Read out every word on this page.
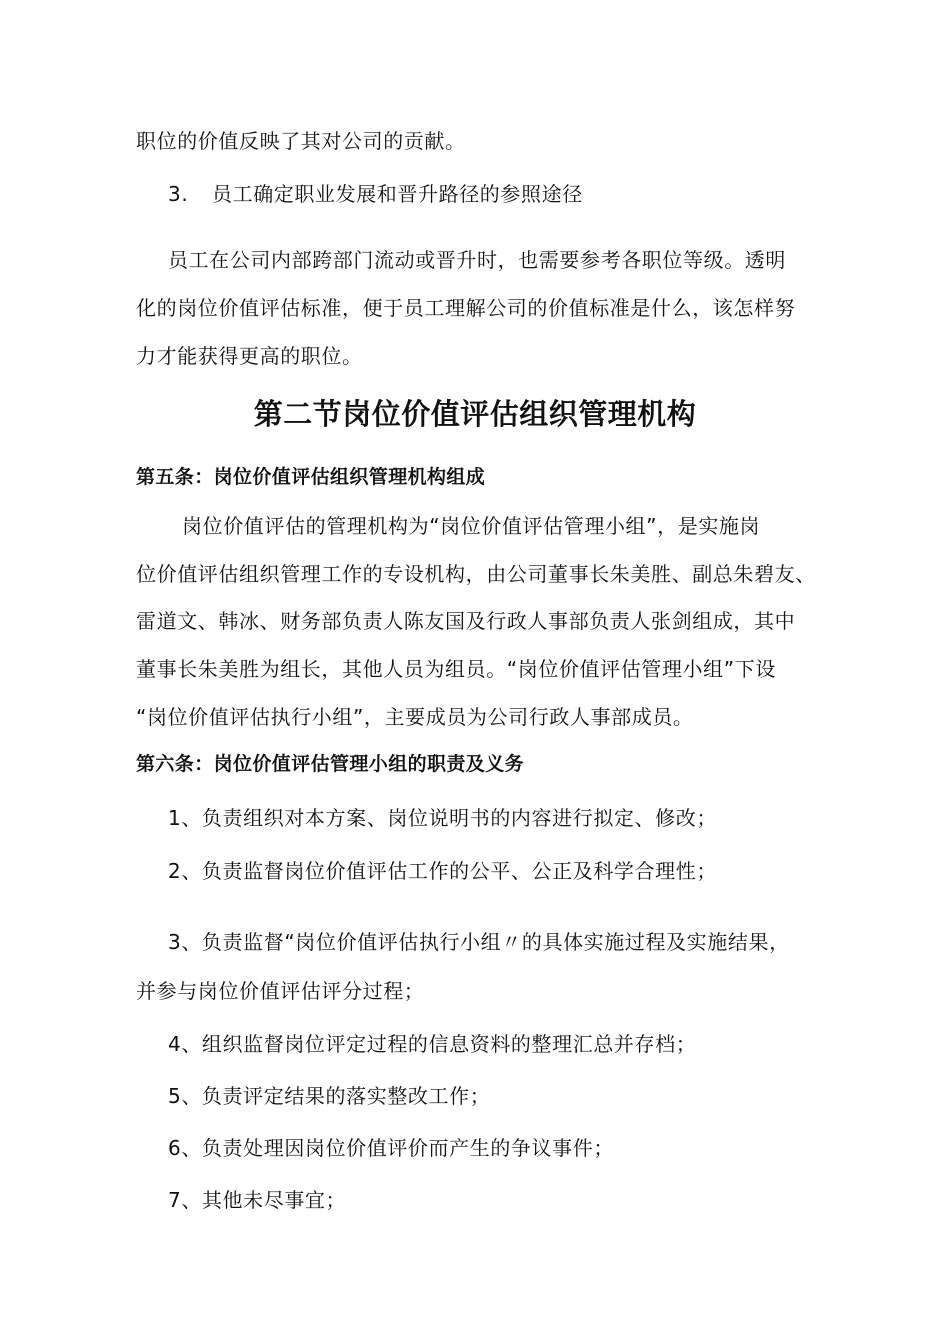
职位的价值反映了其对公司的贡献。
3. 员工确定职业发展和晋升路径的参照途径
员工在公司内部跨部门流动或晋升时，也需要参考各职位等级。透明
化的岗位价值评估标准，便于员工理解公司的价值标准是什么，该怎样努
力才能获得更高的职位。
第二节岗位价值评估组织管理机构
第五条：岗位价值评估组织管理机构组成
岗位价值评估的管理机构为“岗位价值评估管理小组”，是实施岗
位价值评估组织管理工作的专设机构，由公司董事长朱美胜、副总朱碧友、
雷道文、韩冰、财务部负责人陈友国及行政人事部负责人张剑组成，其中
董事长朱美胜为组长，其他人员为组员。“岗位价值评估管理小组”下设
“岗位价值评估执行小组”，主要成员为公司行政人事部成员。
第六条：岗位价值评估管理小组的职责及义务
1、负责组织对本方案、岗位说明书的内容进行拟定、修改；
2、负责监督岗位价值评估工作的公平、公正及科学合理性；
3、负责监督“岗位价值评估执行小组〃的具体实施过程及实施结果，
并参与岗位价值评估评分过程；
4、组织监督岗位评定过程的信息资料的整理汇总并存档；
5、负责评定结果的落实整改工作；
6、负责处理因岗位价值评价而产生的争议事件；
7、其他未尽事宜；
